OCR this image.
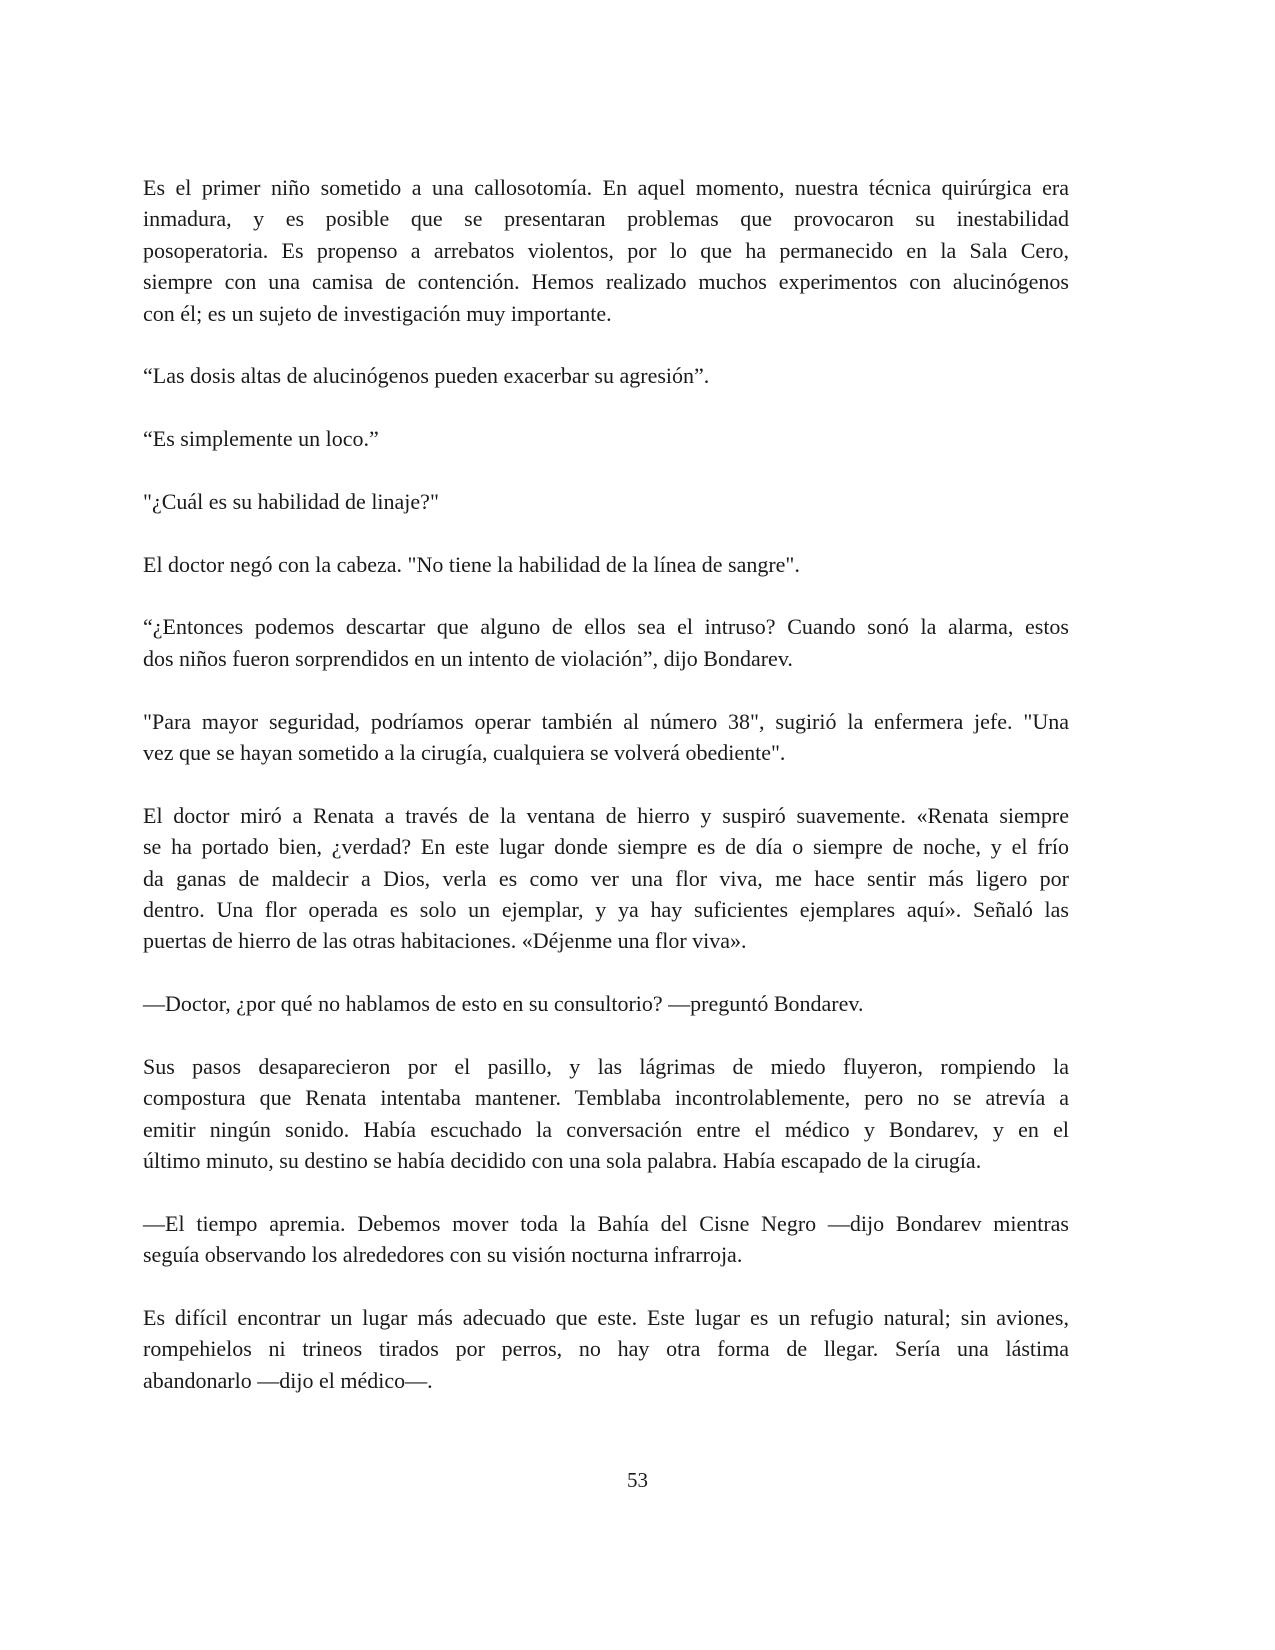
Es el primer niño sometido a una callosotomía. En aquel momento, nuestra técnica quirúrgica era
inmadura, y es posible que se presentaran problemas que provocaron su inestabilidad
posoperatoria. Es propenso a arrebatos violentos, por lo que ha permanecido en la Sala Cero,
siempre con una camisa de contención. Hemos realizado muchos experimentos con alucinógenos
con él; es un sujeto de investigación muy importante.
“Las dosis altas de alucinógenos pueden exacerbar su agresión”.
“Es simplemente un loco.”
"¿Cuál es su habilidad de linaje?"
El doctor negó con la cabeza. "No tiene la habilidad de la línea de sangre".
“¿Entonces podemos descartar que alguno de ellos sea el intruso? Cuando sonó la alarma, estos
dos niños fueron sorprendidos en un intento de violación”, dijo Bondarev.
"Para mayor seguridad, podríamos operar también al número 38", sugirió la enfermera jefe. "Una
vez que se hayan sometido a la cirugía, cualquiera se volverá obediente".
El doctor miró a Renata a través de la ventana de hierro y suspiró suavemente. «Renata siempre
se ha portado bien, ¿verdad? En este lugar donde siempre es de día o siempre de noche, y el frío
da ganas de maldecir a Dios, verla es como ver una flor viva, me hace sentir más ligero por
dentro. Una flor operada es solo un ejemplar, y ya hay suficientes ejemplares aquí». Señaló las
puertas de hierro de las otras habitaciones. «Déjenme una flor viva».
—Doctor, ¿por qué no hablamos de esto en su consultorio? —preguntó Bondarev.
Sus pasos desaparecieron por el pasillo, y las lágrimas de miedo fluyeron, rompiendo la
compostura que Renata intentaba mantener. Temblaba incontrolablemente, pero no se atrevía a
emitir ningún sonido. Había escuchado la conversación entre el médico y Bondarev, y en el
último minuto, su destino se había decidido con una sola palabra. Había escapado de la cirugía.
—El tiempo apremia. Debemos mover toda la Bahía del Cisne Negro —dijo Bondarev mientras
seguía observando los alrededores con su visión nocturna infrarroja.
Es difícil encontrar un lugar más adecuado que este. Este lugar es un refugio natural; sin aviones,
rompehielos ni trineos tirados por perros, no hay otra forma de llegar. Sería una lástima
abandonarlo —dijo el médico—.
53
